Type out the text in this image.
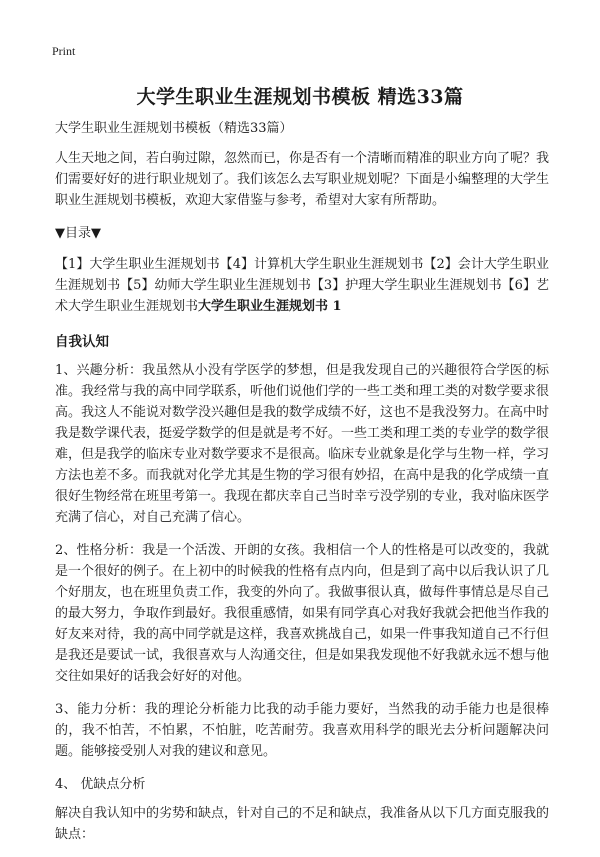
Print
大学生职业生涯规划书模板 精选33篇
大学生职业生涯规划书模板（精选33篇）
人生天地之间，若白驹过隙，忽然而已，你是否有一个清晰而精准的职业方向了呢？我们需要好好的进行职业规划了。我们该怎么去写职业规划呢？下面是小编整理的大学生职业生涯规划书模板，欢迎大家借鉴与参考，希望对大家有所帮助。
▼目录▼
【1】大学生职业生涯规划书【4】计算机大学生职业生涯规划书【2】会计大学生职业生涯规划书【5】幼师大学生职业生涯规划书【3】护理大学生职业生涯规划书【6】艺术大学生职业生涯规划书大学生职业生涯规划书 1
自我认知
1、兴趣分析：我虽然从小没有学医学的梦想，但是我发现自己的兴趣很符合学医的标准。我经常与我的高中同学联系，听他们说他们学的一些工类和理工类的对数学要求很高。我这人不能说对数学没兴趣但是我的数学成绩不好，这也不是我没努力。在高中时我是数学课代表，挺爱学数学的但是就是考不好。一些工类和理工类的专业学的数学很难，但是我学的临床专业对数学要求不是很高。临床专业就象是化学与生物一样，学习方法也差不多。而我就对化学尤其是生物的学习很有妙招，在高中是我的化学成绩一直很好生物经常在班里考第一。我现在都庆幸自己当时幸亏没学别的专业，我对临床医学充满了信心，对自己充满了信心。
2、性格分析：我是一个活泼、开朗的女孩。我相信一个人的性格是可以改变的，我就是一个很好的例子。在上初中的时候我的性格有点内向，但是到了高中以后我认识了几个好朋友，也在班里负责工作，我变的外向了。我做事很认真，做每件事情总是尽自己的最大努力，争取作到最好。我很重感情，如果有同学真心对我好我就会把他当作我的好友来对待，我的高中同学就是这样，我喜欢挑战自己，如果一件事我知道自己不行但是我还是要试一试，我很喜欢与人沟通交往，但是如果我发现他不好我就永远不想与他交往如果好的话我会好好的对他。
3、能力分析：我的理论分析能力比我的动手能力要好，当然我的动手能力也是很棒的，我不怕苦，不怕累，不怕脏，吃苦耐劳。我喜欢用科学的眼光去分析问题解决问题。能够接受别人对我的建议和意见。
4、 优缺点分析
解决自我认知中的劣势和缺点，针对自己的不足和缺点，我准备从以下几方面克服我的缺点：
